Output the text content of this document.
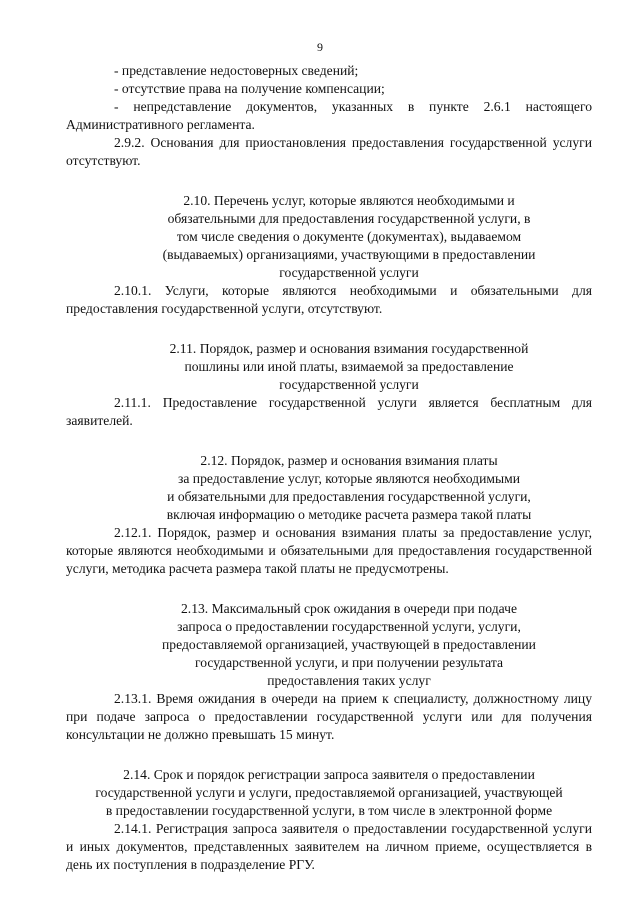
9

- представление недостоверных сведений;

- отсутствие права на получение компенсации;

- непредставление документов, указанных в пункте 2.6.1 настоящего

Административного регламента.

2.9.2. Основания для приостановления предоставления государственной услуги отсутствуют.

2.10. Перечень услуг, которые являются необходимыми и

обязательными для предоставления государственной услуги, в

том числе сведения о документе (документах), выдаваемом

(выдаваемых) организациями, участвующими в предоставлении

государственной услуги

2.10.1. Услуги, которые являются необходимыми и обязательными для предоставления государственной услуги, отсутствуют.

2.11. Порядок, размер и основания взимания государственной

пошлины или иной платы, взимаемой за предоставление

государственной услуги

2.11.1. Предоставление государственной услуги является бесплатным для заявителей.

2.12. Порядок, размер и основания взимания платы

за предоставление услуг, которые являются необходимыми

и обязательными для предоставления государственной услуги,

включая информацию о методике расчета размера такой платы

2.12.1. Порядок, размер и основания взимания платы за предоставление услуг, которые являются необходимыми и обязательными для предоставления государственной услуги, методика расчета размера такой платы не предусмотрены.

2.13. Максимальный срок ожидания в очереди при подаче

запроса о предоставлении государственной услуги, услуги,

предоставляемой организацией, участвующей в предоставлении

государственной услуги, и при получении результата

предоставления таких услуг

2.13.1. Время ожидания в очереди на прием к специалисту, должностному лицу при подаче запроса о предоставлении государственной услуги или для получения консультации не должно превышать 15 минут.

2.14. Срок и порядок регистрации запроса заявителя о предоставлении

государственной услуги и услуги, предоставляемой организацией, участвующей

в предоставлении государственной услуги, в том числе в электронной форме

2.14.1. Регистрация запроса заявителя о предоставлении государственной услуги и иных документов, представленных заявителем на личном приеме, осуществляется в день их поступления в подразделение РГУ.
